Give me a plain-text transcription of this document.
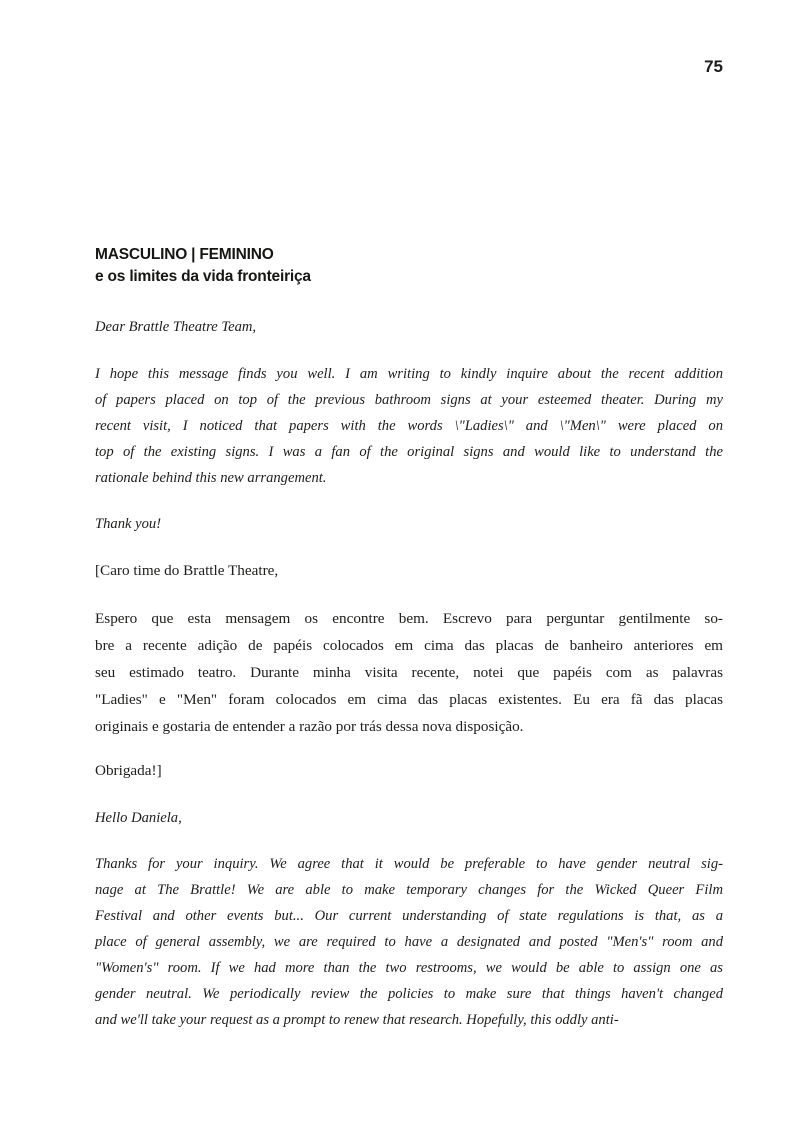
75
MASCULINO | FEMININO
e os limites da vida fronteiriça
Dear Brattle Theatre Team,
I hope this message finds you well. I am writing to kindly inquire about the recent addition
of papers placed on top of the previous bathroom signs at your esteemed theater. During my
recent visit, I noticed that papers with the words \"Ladies\" and \"Men\" were placed on
top of the existing signs. I was a fan of the original signs and would like to understand the
rationale behind this new arrangement.
Thank you!
[Caro time do Brattle Theatre,
Espero que esta mensagem os encontre bem. Escrevo para perguntar gentilmente so-
bre a recente adição de papéis colocados em cima das placas de banheiro anteriores em
seu estimado teatro. Durante minha visita recente, notei que papéis com as palavras
"Ladies" e "Men" foram colocados em cima das placas existentes. Eu era fã das placas
originais e gostaria de entender a razão por trás dessa nova disposição.
Obrigada!]
Hello Daniela,
Thanks for your inquiry. We agree that it would be preferable to have gender neutral sig-
nage at The Brattle! We are able to make temporary changes for the Wicked Queer Film
Festival and other events but... Our current understanding of state regulations is that, as a
place of general assembly, we are required to have a designated and posted "Men's" room and
"Women's" room. If we had more than the two restrooms, we would be able to assign one as
gender neutral. We periodically review the policies to make sure that things haven't changed
and we'll take your request as a prompt to renew that research. Hopefully, this oddly anti-
